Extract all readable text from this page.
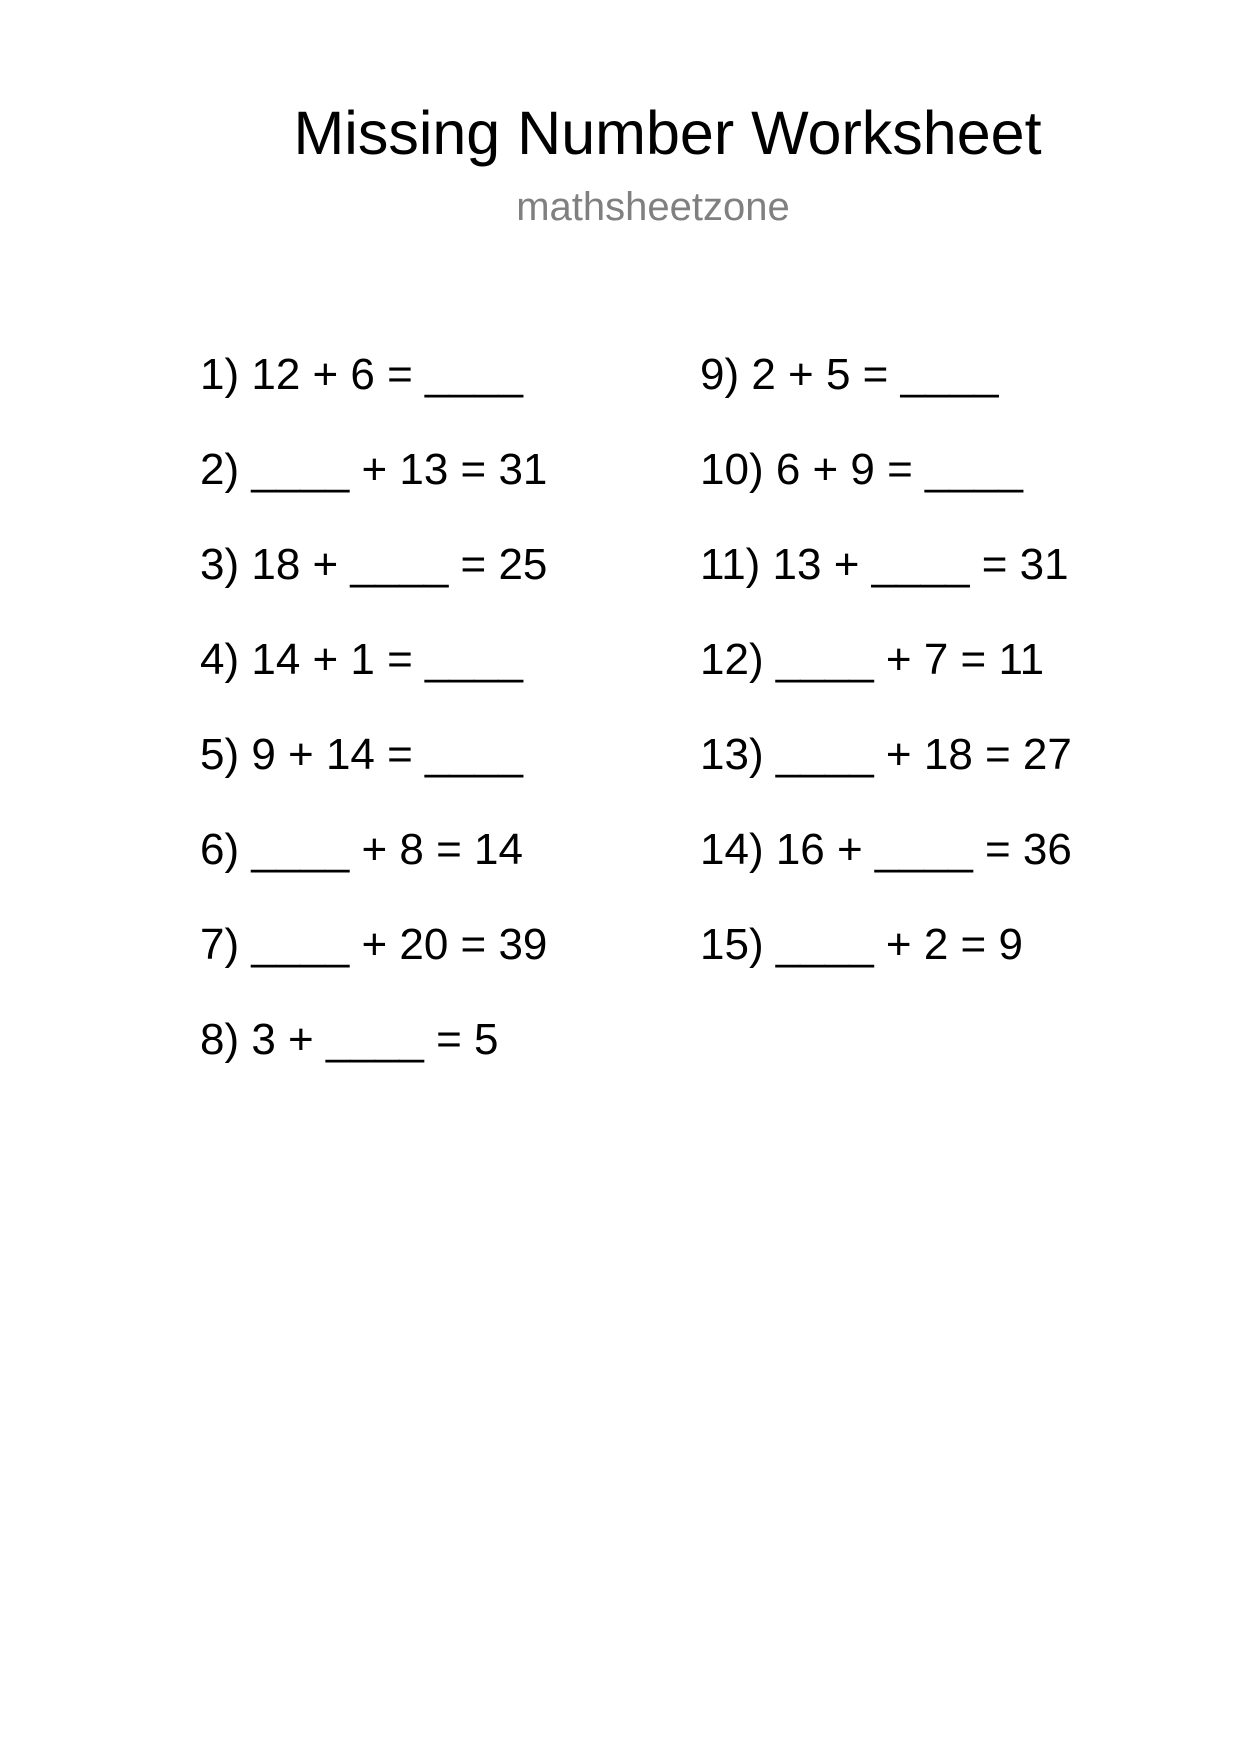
Missing Number Worksheet
mathsheetzone
1) 12 + 6 = ____
2) ____ + 13 = 31
3) 18 + ____ = 25
4) 14 + 1 = ____
5) 9 + 14 = ____
6) ____ + 8 = 14
7) ____ + 20 = 39
8) 3 + ____ = 5
9) 2 + 5 = ____
10) 6 + 9 = ____
11) 13 + ____ = 31
12) ____ + 7 = 11
13) ____ + 18 = 27
14) 16 + ____ = 36
15) ____ + 2 = 9
